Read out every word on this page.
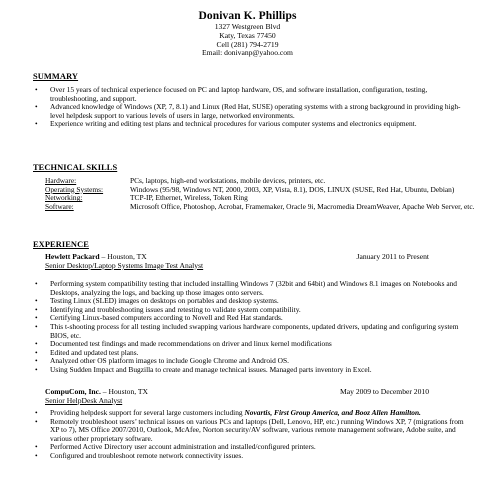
Donivan K. Phillips
1327 Westgreen Blvd
Katy, Texas 77450
Cell (281) 794-2719
Email: donivanp@yahoo.com
SUMMARY
• Over 15 years of technical experience focused on PC and laptop hardware, OS, and software installation, configuration, testing, troubleshooting, and support.
• Advanced knowledge of Windows (XP, 7, 8.1) and Linux (Red Hat, SUSE) operating systems with a strong background in providing high-level helpdesk support to various levels of users in large, networked environments.
• Experience writing and editing test plans and technical procedures for various computer systems and electronics equipment.
TECHNICAL SKILLS
Hardware:	PCs, laptops, high-end workstations, mobile devices, printers, etc.
Operating Systems:	Windows (95/98, Windows NT, 2000, 2003, XP, Vista, 8.1), DOS, LINUX (SUSE, Red Hat, Ubuntu, Debian)
Networking:	TCP-IP, Ethernet, Wireless, Token Ring
Software:	Microsoft Office, Photoshop, Acrobat, Framemaker, Oracle 9i, Macromedia DreamWeaver, Apache Web Server, etc.
EXPERIENCE
Hewlett Packard – Houston, TX	January 2011 to Present
Senior Desktop/Laptop Systems Image Test Analyst
• Performing system compatibility testing that included installing Windows 7 (32bit and 64bit) and Windows 8.1 images on Notebooks and Desktops, analyzing the logs, and backing up those images onto servers.
• Testing Linux (SLED) images on desktops on portables and desktop systems.
• Identifying and troubleshooting issues and retesting to validate system compatibility.
• Certifying Linux-based computers according to Novell and Red Hat standards.
• This t-shooting process for all testing included swapping various hardware components, updated drivers, updating and configuring system BIOS, etc.
• Documented test findings and made recommendations on driver and linux kernel modifications
• Edited and updated test plans.
• Analyzed other OS platform images to include Google Chrome and Android OS.
• Using Sudden Impact and Bugzilla to create and manage technical issues. Managed parts inventory in Excel.
CompuCom, Inc. – Houston, TX	May 2009 to December 2010
Senior HelpDesk Analyst
• Providing helpdesk support for several large customers including Novartis, First Group America, and Booz Allen Hamilton.
• Remotely troubleshoot users’ technical issues on various PCs and laptops (Dell, Lenovo, HP, etc.) running Windows XP, 7 (migrations from XP to 7), MS Office 2007/2010, Outlook, McAfee, Norton security/AV software, various remote management software, Adobe suite, and various other proprietary software.
• Performed Active Directory user account administration and installed/configured printers.
• Configured and troubleshoot remote network connectivity issues.
